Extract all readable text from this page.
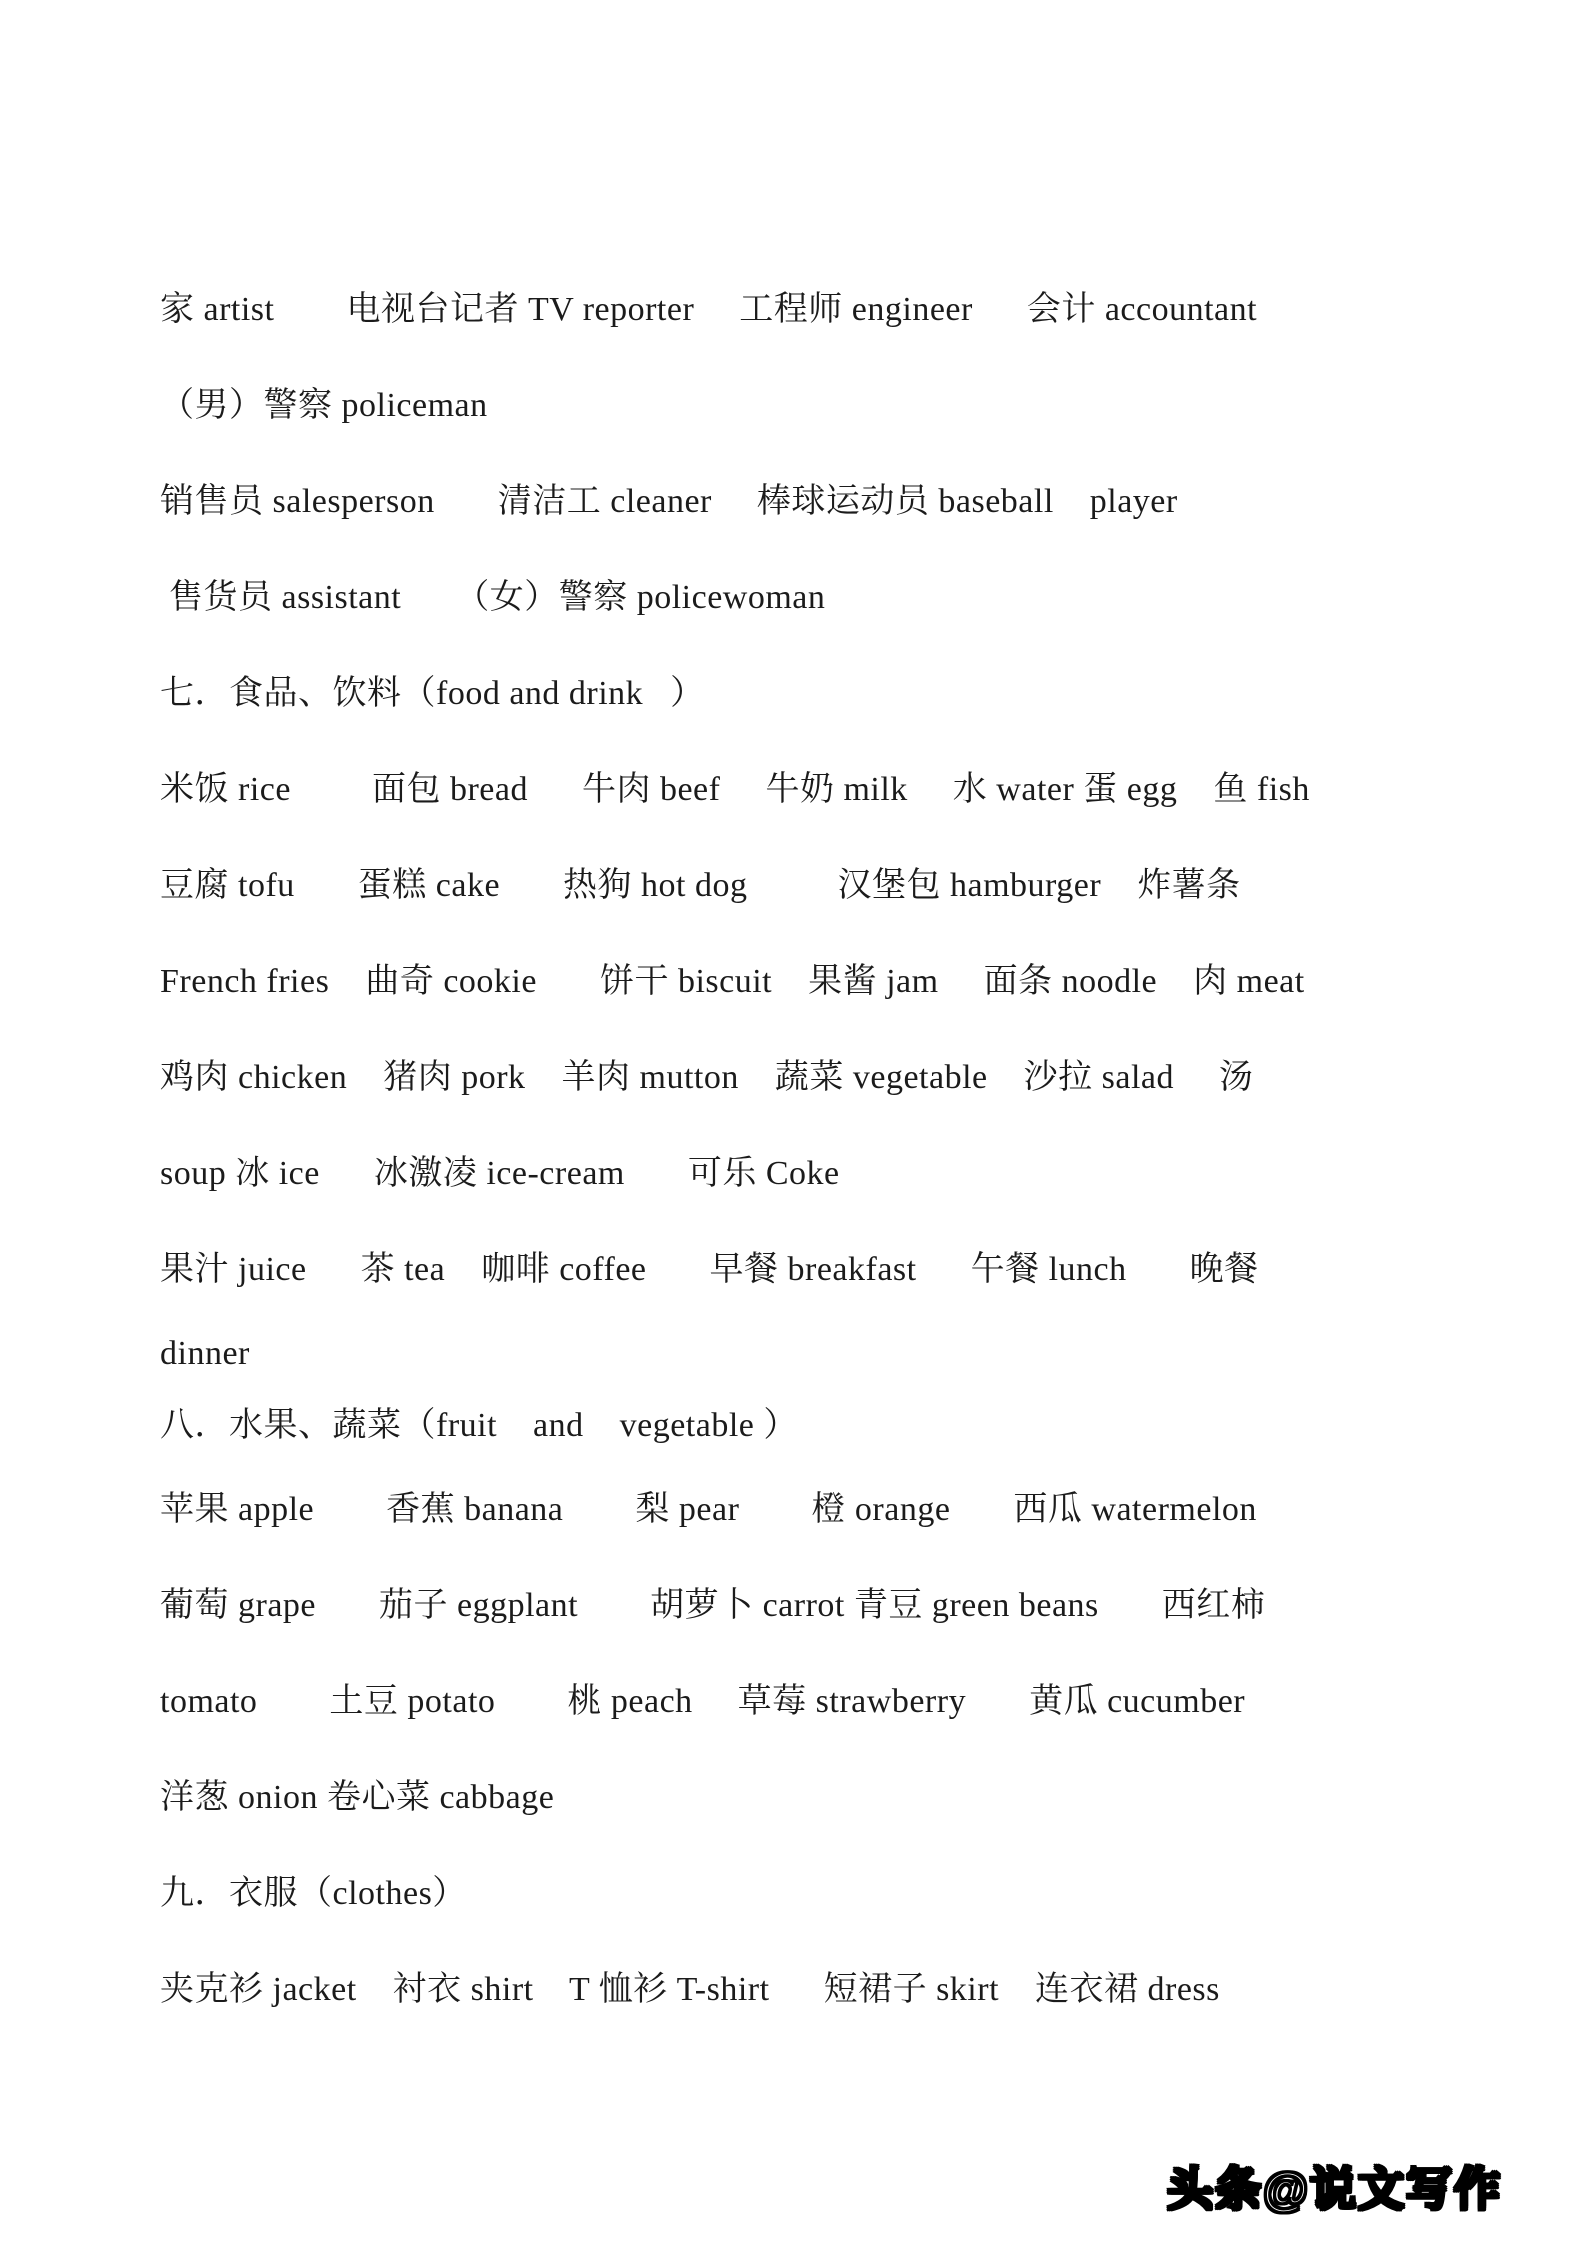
家 artist        电视台记者 TV reporter     工程师 engineer      会计 accountant
（男）警察 policeman
销售员 salesperson       清洁工 cleaner     棒球运动员 baseball    player
售货员 assistant      （女）警察 policewoman
七．食品、饮料（food and drink   ）
米饭 rice         面包 bread      牛肉 beef     牛奶 milk     水 water 蛋 egg    鱼 fish
豆腐 tofu       蛋糕 cake       热狗 hot dog          汉堡包 hamburger    炸薯条
French fries    曲奇 cookie       饼干 biscuit    果酱 jam     面条 noodle    肉 meat
鸡肉 chicken    猪肉 pork    羊肉 mutton    蔬菜 vegetable    沙拉 salad     汤
soup 冰 ice      冰激凌 ice-cream       可乐 Coke
果汁 juice      茶 tea    咖啡 coffee       早餐 breakfast      午餐 lunch       晚餐
dinner
八．水果、蔬菜（fruit    and    vegetable ）
苹果 apple        香蕉 banana        梨 pear        橙 orange       西瓜 watermelon
葡萄 grape       茄子 eggplant        胡萝卜 carrot 青豆 green beans       西红柿
tomato        土豆 potato        桃 peach     草莓 strawberry       黄瓜 cucumber
洋葱 onion 卷心菜 cabbage
九．衣服（clothes）
夹克衫 jacket    衬衣 shirt    T 恤衫 T-shirt      短裙子 skirt    连衣裙 dress
头条@说文写作
